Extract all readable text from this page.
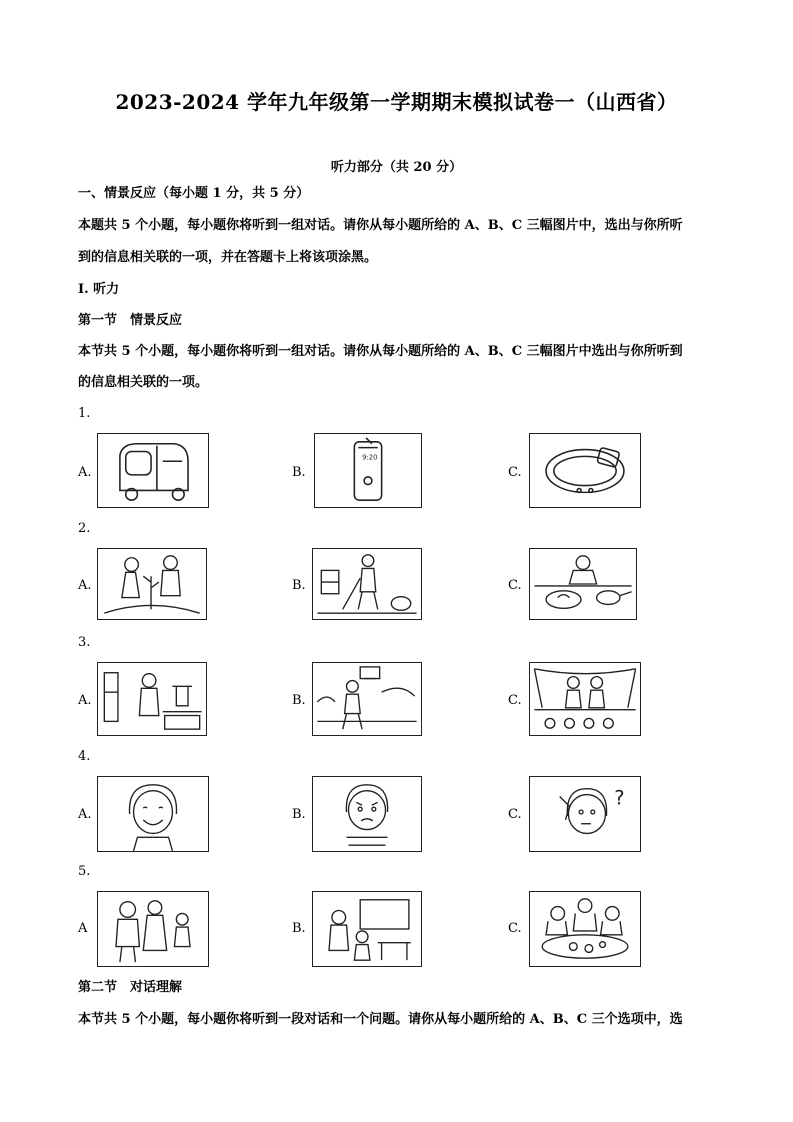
2023-2024 学年九年级第一学期期末模拟试卷一（山西省）
听力部分（共 20 分）
一、情景反应（每小题 1 分，共 5 分）
本题共 5 个小题，每小题你将听到一组对话。请你从每小题所给的 A、B、C 三幅图片中，选出与你所听
到的信息相关联的一项，并在答题卡上将该项涂黑。
I. 听力
第一节　情景反应
本节共 5 个小题，每小题你将听到一组对话。请你从每小题所给的 A、B、C 三幅图片中选出与你所听到
的信息相关联的一项。
1.
A.	B.
9:20
C.
2.
A.	B.	C.
3.
A.	B.	C.
4.
A.	B.	C.
?
5.
A	B.	C.
第二节　对话理解
本节共 5 个小题，每小题你将听到一段对话和一个问题。请你从每小题所给的 A、B、C 三个选项中，选
